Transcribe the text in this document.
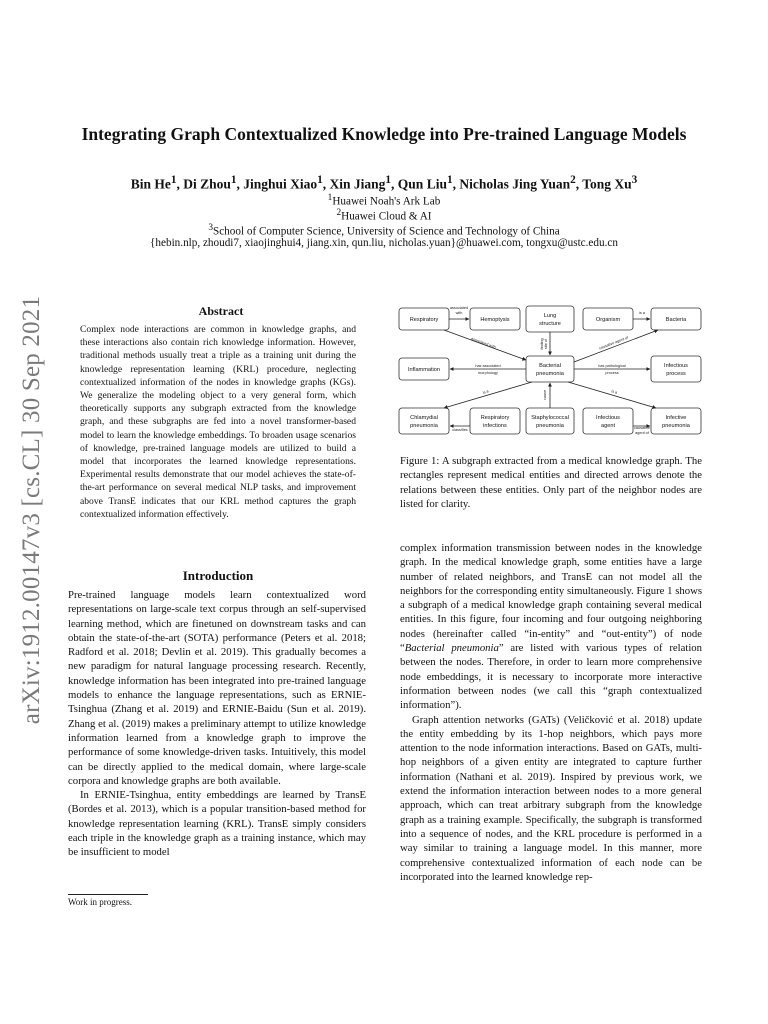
arXiv:1912.00147v3 [cs.CL] 30 Sep 2021
Integrating Graph Contextualized Knowledge into Pre-trained Language Models
Bin He$^1$, Di Zhou$^1$, Jinghui Xiao$^1$, Xin Jiang$^1$, Qun Liu$^1$, Nicholas Jing Yuan$^2$, Tong Xu$^3$
$^1$Huawei Noah's Ark Lab
$^2$Huawei Cloud & AI
$^3$School of Computer Science, University of Science and Technology of China
{hebin.nlp, zhoudi7, xiaojinghui4, jiang.xin, qun.liu, nicholas.yuan}@huawei.com, tongxu@ustc.edu.cn
Abstract
Complex node interactions are common in knowledge graphs, and these interactions also contain rich knowledge information. However, traditional methods usually treat a triple as a training unit during the knowledge representation learning (KRL) procedure, neglecting contextualized information of the nodes in knowledge graphs (KGs). We generalize the modeling object to a very general form, which theoretically supports any subgraph extracted from the knowledge graph, and these subgraphs are fed into a novel transformer-based model to learn the knowledge embeddings. To broaden usage scenarios of knowledge, pre-trained language models are utilized to build a model that incorporates the learned knowledge representations. Experimental results demonstrate that our model achieves the state-of-the-art performance on several medical NLP tasks, and improvement above TransE indicates that our KRL method captures the graph contextualized information effectively.
Introduction

Pre-trained language models learn contextualized word representations on large-scale text corpus through an self-supervised learning method, which are finetuned on downstream tasks and can obtain the state-of-the-art (SOTA) performance (Peters et al. 2018; Radford et al. 2018; Devlin et al. 2019). This gradually becomes a new paradigm for natural language processing research. Recently, knowledge information has been integrated into pre-trained language models to enhance the language representations, such as ERNIE-Tsinghua (Zhang et al. 2019) and ERNIE-Baidu (Sun et al. 2019). Zhang et al. (2019) makes a preliminary attempt to utilize knowledge information learned from a knowledge graph to improve the performance of some knowledge-driven tasks. Intuitively, this model can be directly applied to the medical domain, where large-scale corpora and knowledge graphs are both available.

In ERNIE-Tsinghua, entity embeddings are learned by TransE (Bordes et al. 2013), which is a popular transition-based method for knowledge representation learning (KRL). TransE simply considers each triple in the knowledge graph as a training instance, which may be insufficient to model

Work in progress.
Respiratory	Hemoptysis
Lung
structure
Organism	Bacteria
Inflammation
Bacterial
pneumonia
Infectious
process
Chlamydial
pneumonia
Respiratory
infections
Staphylococcal
pneumonia
Infectious
agent
Infective
pneumonia
associated
with	is a
associated with	finding site of	causative agent of
has associated
morphology
has pathological
process
is a	is a
cause
classifies	causative
agent of
Figure 1: A subgraph extracted from a medical knowledge graph. The rectangles represent medical entities and directed arrows denote the relations between these entities. Only part of the neighbor nodes are listed for clarity.

complex information transmission between nodes in the knowledge graph. In the medical knowledge graph, some entities have a large number of related neighbors, and TransE can not model all the neighbors for the corresponding entity simultaneously. Figure 1 shows a subgraph of a medical knowledge graph containing several medical entities. In this figure, four incoming and four outgoing neighboring nodes (hereinafter called “in-entity” and “out-entity”) of node “Bacterial pneumonia” are listed with various types of relation between the nodes. Therefore, in order to learn more comprehensive node embeddings, it is necessary to incorporate more interactive information between nodes (we call this “graph contextualized information”).

Graph attention networks (GATs) (Veličković et al. 2018) update the entity embedding by its 1-hop neighbors, which pays more attention to the node information interactions. Based on GATs, multi-hop neighbors of a given entity are integrated to capture further information (Nathani et al. 2019). Inspired by previous work, we extend the information interaction between nodes to a more general approach, which can treat arbitrary subgraph from the knowledge graph as a training example. Specifically, the subgraph is transformed into a sequence of nodes, and the KRL procedure is performed in a way similar to training a language model. In this manner, more comprehensive contextualized information of each node can be incorporated into the learned knowledge rep-
